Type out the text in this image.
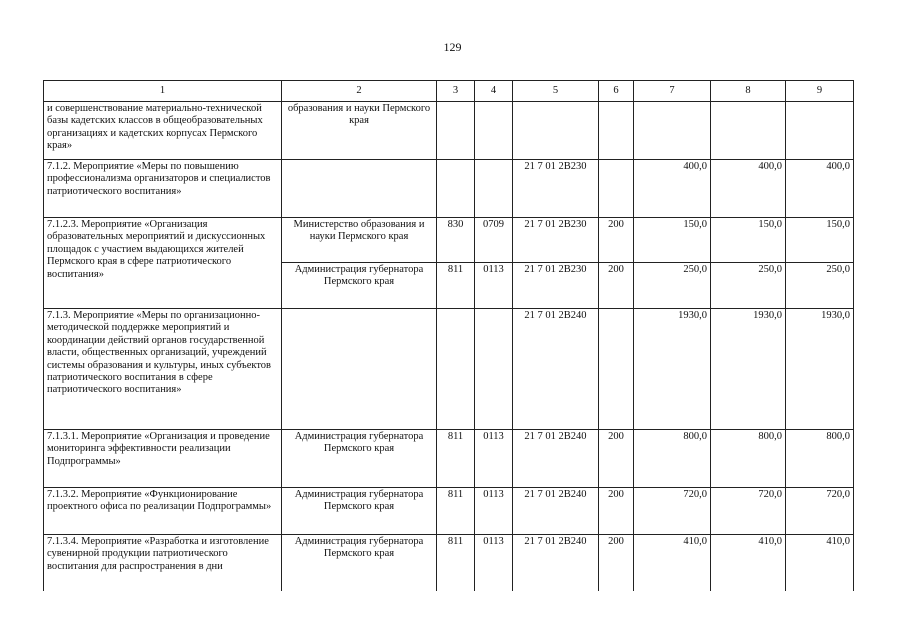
129
1	2	3	4	5	6	7	8	9
и совершенствование материально-технической базы кадетских классов в общеобразовательных организациях и кадетских корпусах Пермского края»	образования и науки Пермского края							
7.1.2. Мероприятие «Меры по повышению профессионализма организаторов и специалистов патриотического воспитания»				21 7 01 2В230		400,0	400,0	400,0
7.1.2.3. Мероприятие «Организация образовательных мероприятий и дискуссионных площадок с участием выдающихся жителей Пермского края в сфере патриотического воспитания»	Министерство образования и науки Пермского края	830	0709	21 7 01 2В230	200	150,0	150,0	150,0
	Администрация губернатора Пермского края	811	0113	21 7 01 2В230	200	250,0	250,0	250,0
7.1.3. Мероприятие «Меры по организационно-методической поддержке мероприятий и координации действий органов государственной власти, общественных организаций, учреждений системы образования и культуры, иных субъектов патриотического воспитания в сфере патриотического воспитания»				21 7 01 2В240		1930,0	1930,0	1930,0
7.1.3.1. Мероприятие «Организация и проведение мониторинга эффективности реализации Подпрограммы»	Администрация губернатора Пермского края	811	0113	21 7 01 2В240	200	800,0	800,0	800,0
7.1.3.2. Мероприятие «Функционирование проектного офиса по реализации Подпрограммы»	Администрация губернатора Пермского края	811	0113	21 7 01 2В240	200	720,0	720,0	720,0
7.1.3.4. Мероприятие «Разработка и изготовление сувенирной продукции патриотического воспитания для распространения в дни	Администрация губернатора Пермского края	811	0113	21 7 01 2В240	200	410,0	410,0	410,0
